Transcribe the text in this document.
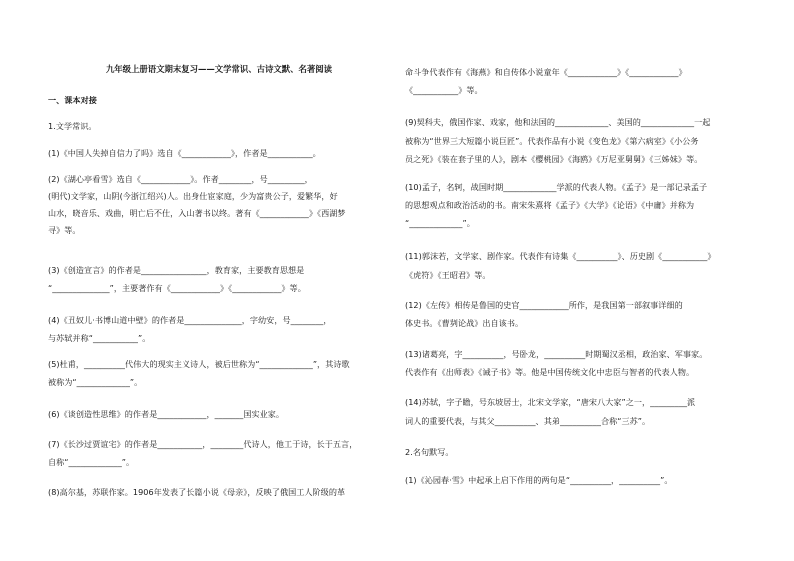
九年级上册语文期末复习——文学常识、古诗文默、名著阅读
一、课本对接
1.文学常识。
(1)《中国人失掉自信力了吗》选自《____________》，作者是___________。
(2)《湖心亭看雪》选自《____________》。作者________，号_________，
(明代)文学家，山阴(今浙江绍兴)人。出身仕宦家庭，少为富贵公子，爱繁华，好
山水，晓音乐、戏曲，明亡后不仕，入山著书以终。著有《____________》《西湖梦
寻》等。
(3)《创造宣言》的作者是________________，教育家，主要教育思想是
“______________”，主要著作有《____________》《____________》等。
(4)《丑奴儿·书博山道中壁》的作者是______________，字幼安，号________，
与苏轼并称“___________”。
(5)杜甫，__________代伟大的现实主义诗人，被后世称为“_____________”，其诗歌
被称为“_____________”。
(6)《谈创造性思维》的作者是____________，_______国实业家。
(7)《长沙过贾谊宅》的作者是___________，________代诗人，他工于诗，长于五言，
自称“_____________”。
(8)高尔基，苏联作家。1906年发表了长篇小说《母亲》，反映了俄国工人阶级的革
命斗争代表作有《海燕》和自传体小说童年《____________》《____________》
《___________》等。
(9)契科夫，俄国作家、戏家，他和法国的_____________、美国的_____________一起
被称为“世界三大短篇小说巨匠”。代表作品有小说《变色龙》《第六病室》《小公务
员之死》《装在套子里的人》，剧本《樱桃园》《海鸥》《万尼亚舅舅》《三姊妹》等。
(10)孟子，名轲，战国时期_____________学派的代表人物。《孟子》是一部记录孟子
的思想观点和政治活动的书。南宋朱熹将《孟子》《大学》《论语》《中庸》并称为
“_____________”。
(11)郭沫若，文学家、剧作家。代表作有诗集《__________》、历史剧《___________》
《虎符》《王昭君》等。
(12)《左传》相传是鲁国的史官____________所作，是我国第一部叙事详细的
体史书。《曹刿论战》出自该书。
(13)诸葛亮，字__________，号卧龙，__________时期蜀汉丞相，政治家、军事家。
代表作有《出师表》《诫子书》等。他是中国传统文化中忠臣与智者的代表人物。
(14)苏轼，字子瞻，号东坡居士，北宋文学家，“唐宋八大家”之一，_________派
词人的重要代表，与其父__________、其弟__________合称“三苏”。
2.名句默写。
(1)《沁园春·雪》中起承上启下作用的两句是“__________，__________”。
